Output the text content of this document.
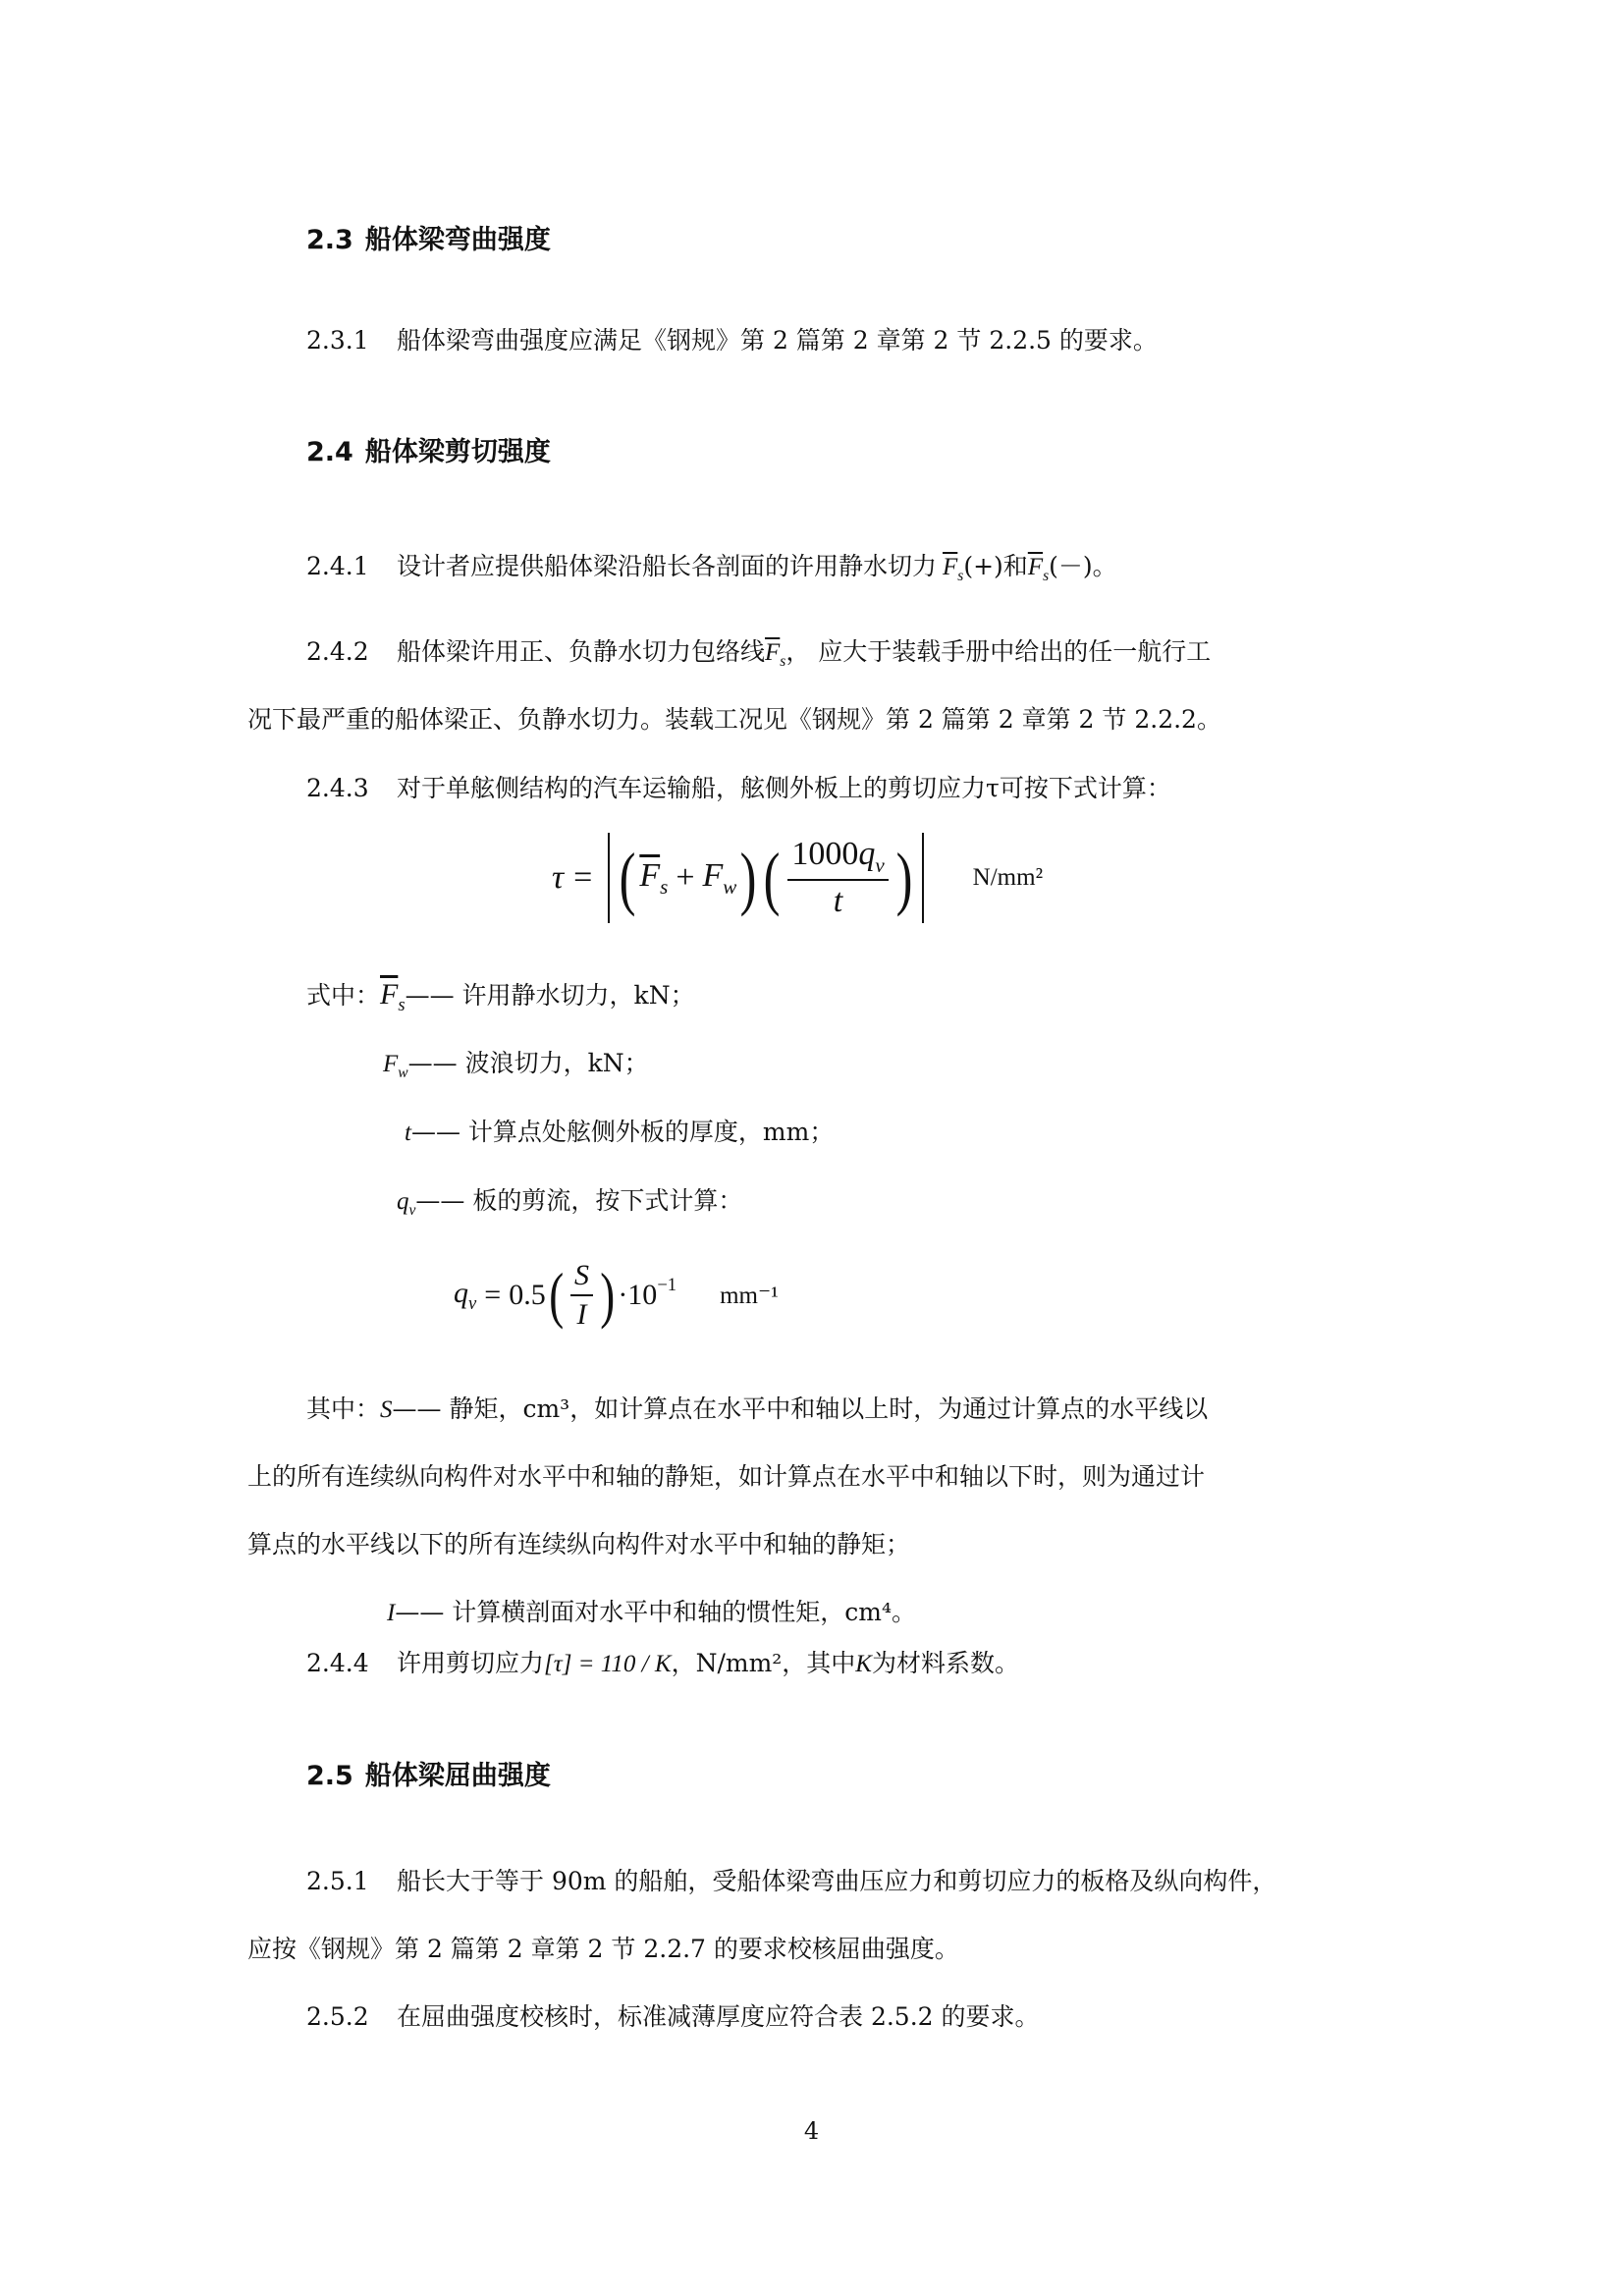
2.3 船体梁弯曲强度
2.3.1 船体梁弯曲强度应满足《钢规》第 2 篇第 2 章第 2 节 2.2.5 的要求。
2.4 船体梁剪切强度
2.4.1 设计者应提供船体梁沿船长各剖面的许用静水切力 $\overline{F}_s(+)$和$\overline{F}_s(-)$。
2.4.2 船体梁许用正、负静水切力包络线$\overline{F}_s$， 应大于装载手册中给出的任一航行工
况下最严重的船体梁正、负静水切力。装载工况见《钢规》第 2 篇第 2 章第 2 节 2.2.2。
2.4.3 对于单舷侧结构的汽车运输船，舷侧外板上的剪切应力τ可按下式计算：
τ = ( $\overline{F}_s + F_w$ ) ( $\frac{1000q_v}{t}$ ) N/mm²
式中：$\overline{F}_s——$ 许用静水切力，kN；
$F_w——$ 波浪切力，kN；
t—— 计算点处舷侧外板的厚度，mm；
$q_v——$ 板的剪流，按下式计算：
$q_v = 0.5$ ( $\frac{S}{I}$ ) $\cdot 10^{-1}$ mm⁻¹
其中：S—— 静矩，cm³，如计算点在水平中和轴以上时，为通过计算点的水平线以
上的所有连续纵向构件对水平中和轴的静矩，如计算点在水平中和轴以下时，则为通过计
算点的水平线以下的所有连续纵向构件对水平中和轴的静矩；
I—— 计算横剖面对水平中和轴的惯性矩，cm⁴。
2.4.4 许用剪切应力[τ] = 110 / K，N/mm²，其中K为材料系数。
2.5 船体梁屈曲强度
2.5.1 船长大于等于 90m 的船舶，受船体梁弯曲压应力和剪切应力的板格及纵向构件，
应按《钢规》第 2 篇第 2 章第 2 节 2.2.7 的要求校核屈曲强度。
2.5.2 在屈曲强度校核时，标准减薄厚度应符合表 2.5.2 的要求。
4
